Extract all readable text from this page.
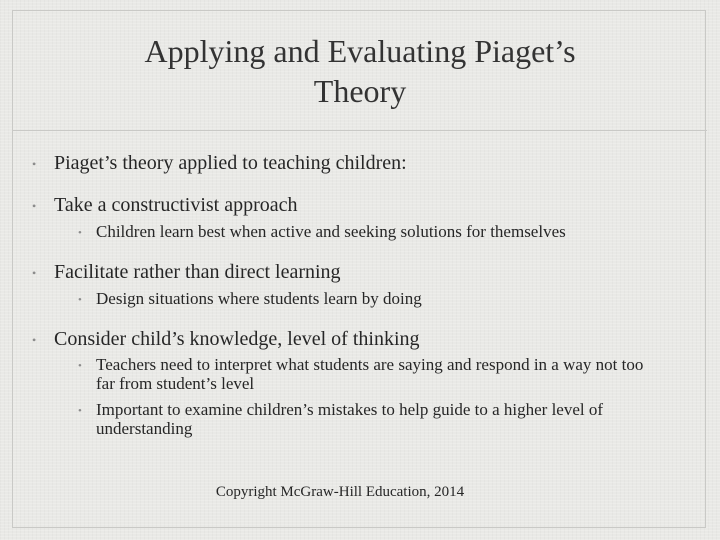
Applying and Evaluating Piaget’s Theory
• Piaget’s theory applied to teaching children:
• Take a constructivist approach
• Children learn best when active and seeking solutions for themselves
• Facilitate rather than direct learning
• Design situations where students learn by doing
• Consider child’s knowledge, level of thinking
• Teachers need to interpret what students are saying and respond in a way not too far from student’s level
• Important to examine children’s mistakes to help guide to a higher level of understanding
Copyright McGraw-Hill Education, 2014
